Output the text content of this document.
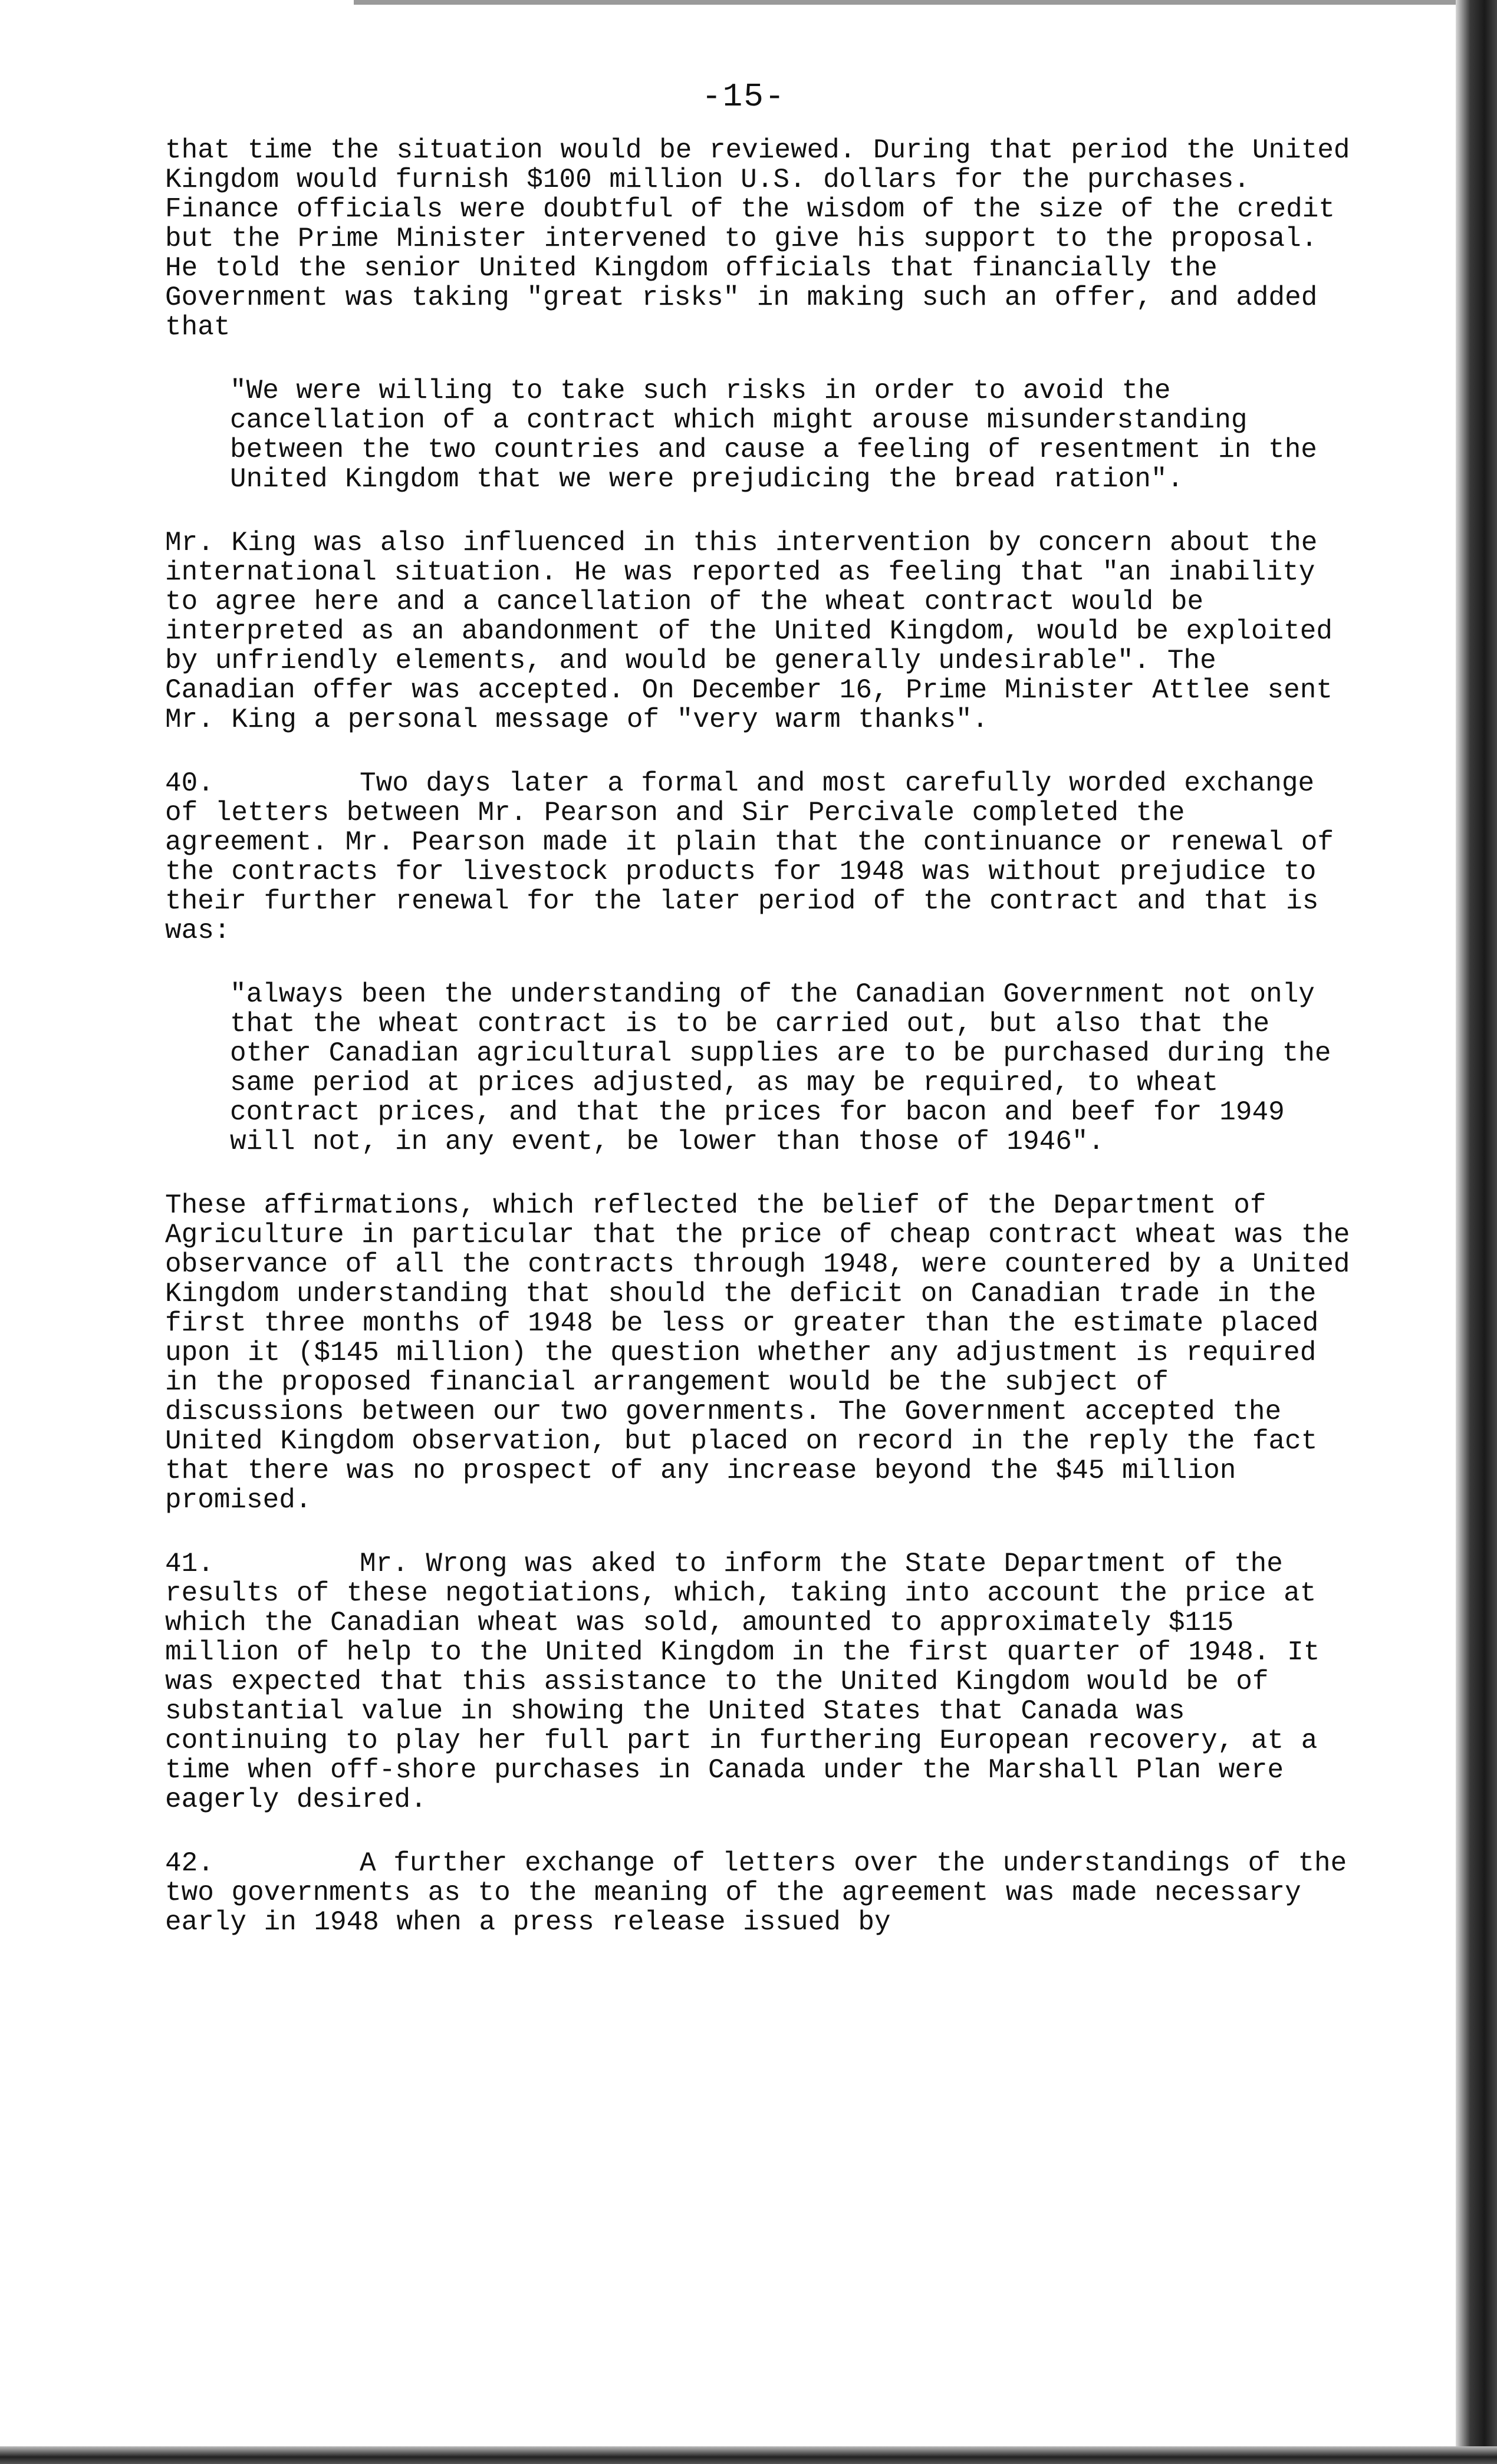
-15-

that time the situation would be reviewed. During that period the United Kingdom would furnish $100 million U.S. dollars for the purchases. Finance officials were doubtful of the wisdom of the size of the credit but the Prime Minister intervened to give his support to the proposal. He told the senior United Kingdom officials that financially the Government was taking "great risks" in making such an offer, and added that

"We were willing to take such risks in order to avoid the cancellation of a contract which might arouse misunderstanding between the two countries and cause a feeling of resentment in the United Kingdom that we were prejudicing the bread ration".

Mr. King was also influenced in this intervention by concern about the international situation. He was reported as feeling that "an inability to agree here and a cancellation of the wheat contract would be interpreted as an abandonment of the United Kingdom, would be exploited by unfriendly elements, and would be generally undesirable". The Canadian offer was accepted. On December 16, Prime Minister Attlee sent Mr. King a personal message of "very warm thanks".

40.	Two days later a formal and most carefully worded exchange of letters between Mr. Pearson and Sir Percivale completed the agreement. Mr. Pearson made it plain that the continuance or renewal of the contracts for livestock products for 1948 was without prejudice to their further renewal for the later period of the contract and that is was:

"always been the understanding of the Canadian Government not only that the wheat contract is to be carried out, but also that the other Canadian agricultural supplies are to be purchased during the same period at prices adjusted, as may be required, to wheat contract prices, and that the prices for bacon and beef for 1949 will not, in any event, be lower than those of 1946".

These affirmations, which reflected the belief of the Department of Agriculture in particular that the price of cheap contract wheat was the observance of all the contracts through 1948, were countered by a United Kingdom understanding that should the deficit on Canadian trade in the first three months of 1948 be less or greater than the estimate placed upon it ($145 million) the question whether any adjustment is required in the proposed financial arrangement would be the subject of discussions between our two governments. The Government accepted the United Kingdom observation, but placed on record in the reply the fact that there was no prospect of any increase beyond the $45 million promised.

41.	Mr. Wrong was aked to inform the State Department of the results of these negotiations, which, taking into account the price at which the Canadian wheat was sold, amounted to approximately $115 million of help to the United Kingdom in the first quarter of 1948. It was expected that this assistance to the United Kingdom would be of substantial value in showing the United States that Canada was continuing to play her full part in furthering European recovery, at a time when off-shore purchases in Canada under the Marshall Plan were eagerly desired.

42.	A further exchange of letters over the understandings of the two governments as to the meaning of the agreement was made necessary early in 1948 when a press release issued by
